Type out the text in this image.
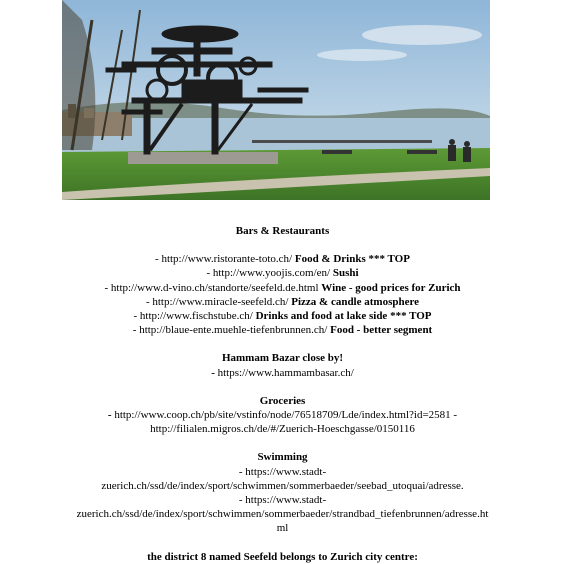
Bars & Restaurants

- http://www.ristorante-toto.ch/ Food & Drinks *** TOP

- http://www.yoojis.com/en/ Sushi

- http://www.d-vino.ch/standorte/seefeld.de.html Wine - good prices for Zurich

- http://www.miracle-seefeld.ch/ Pizza & candle atmosphere

- http://www.fischstube.ch/ Drinks and food at lake side *** TOP

- http://blaue-ente.muehle-tiefenbrunnen.ch/ Food - better segment

Hammam Bazar close by!

- https://www.hammambasar.ch/

Groceries

- http://www.coop.ch/pb/site/vstinfo/node/76518709/Lde/index.html?id=2581 -

http://filialen.migros.ch/de/#/Zuerich-Hoeschgasse/0150116

Swimming

- https://www.stadt-

zuerich.ch/ssd/de/index/sport/schwimmen/sommerbaeder/seebad_utoquai/adresse.

- https://www.stadt-

zuerich.ch/ssd/de/index/sport/schwimmen/sommerbaeder/strandbad_tiefenbrunnen/adresse.ht

ml

the district 8 named Seefeld belongs to Zurich city centre:
